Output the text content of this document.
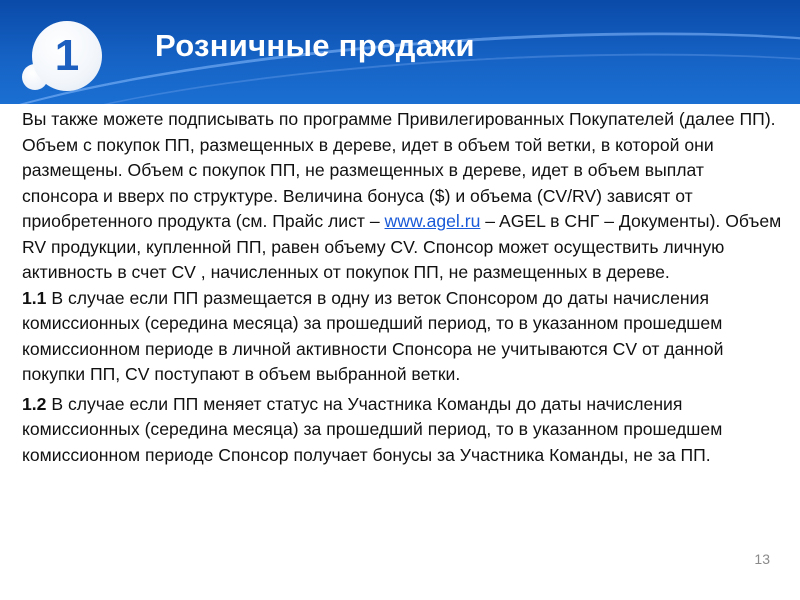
1	Розничные продажи

Вы также можете подписывать по программе Привилегированных Покупателей (далее ПП). Объем с покупок ПП, размещенных в дереве, идет в объем той ветки, в которой они размещены. Объем с покупок ПП, не размещенных в дереве, идет в объем выплат спонсора и вверх по структуре. Величина бонуса ($) и объема (CV/RV) зависят от приобретенного продукта (см. Прайс лист – www.agel.ru – AGEL в СНГ – Документы). Объем RV продукции, купленной ПП, равен объему CV. Спонсор может осуществить личную активность в счет CV , начисленных от покупок ПП, не размещенных в дереве.

1.1 В случае если ПП размещается в одну из веток Спонсором до даты начисления комиссионных (середина месяца) за прошедший период, то в указанном прошедшем комиссионном периоде в личной активности Спонсора не учитываются CV от данной покупки ПП, CV поступают в объем выбранной ветки.

1.2 В случае если ПП меняет статус на Участника Команды до даты начисления комиссионных (середина месяца) за прошедший период, то в указанном прошедшем комиссионном периоде Спонсор получает бонусы за Участника Команды, не за ПП.

13
